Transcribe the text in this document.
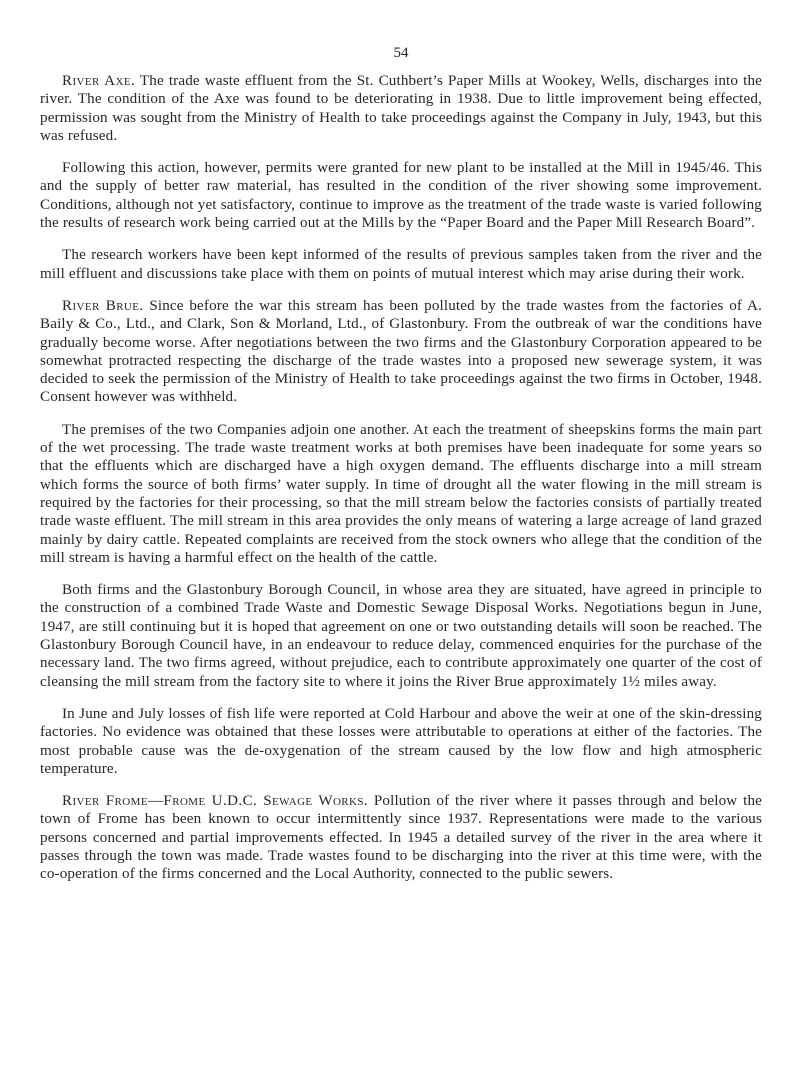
54

River Axe. The trade waste effluent from the St. Cuthbert’s Paper Mills at Wookey, Wells, discharges into the river. The condition of the Axe was found to be deteriorating in 1938. Due to little improvement being effected, permission was sought from the Ministry of Health to take proceedings against the Company in July, 1943, but this was refused.

Following this action, however, permits were granted for new plant to be installed at the Mill in 1945/46. This and the supply of better raw material, has resulted in the condition of the river showing some improvement. Conditions, although not yet satisfactory, continue to improve as the treatment of the trade waste is varied following the results of research work being carried out at the Mills by the “Paper Board and the Paper Mill Research Board”.

The research workers have been kept informed of the results of previous samples taken from the river and the mill effluent and discussions take place with them on points of mutual interest which may arise during their work.

River Brue. Since before the war this stream has been polluted by the trade wastes from the factories of A. Baily & Co., Ltd., and Clark, Son & Morland, Ltd., of Glastonbury. From the outbreak of war the conditions have gradually become worse. After negotiations between the two firms and the Glastonbury Corporation appeared to be somewhat protracted respecting the discharge of the trade wastes into a proposed new sewerage system, it was decided to seek the permission of the Ministry of Health to take proceedings against the two firms in October, 1948. Consent however was withheld.

The premises of the two Companies adjoin one another. At each the treatment of sheepskins forms the main part of the wet processing. The trade waste treatment works at both premises have been inadequate for some years so that the effluents which are discharged have a high oxygen demand. The effluents discharge into a mill stream which forms the source of both firms’ water supply. In time of drought all the water flowing in the mill stream is required by the factories for their processing, so that the mill stream below the factories consists of partially treated trade waste effluent. The mill stream in this area provides the only means of watering a large acreage of land grazed mainly by dairy cattle. Repeated complaints are received from the stock owners who allege that the condition of the mill stream is having a harmful effect on the health of the cattle.

Both firms and the Glastonbury Borough Council, in whose area they are situated, have agreed in principle to the construction of a combined Trade Waste and Domestic Sewage Disposal Works. Negotiations begun in June, 1947, are still continuing but it is hoped that agreement on one or two outstanding details will soon be reached. The Glastonbury Borough Council have, in an endeavour to reduce delay, commenced enquiries for the purchase of the necessary land. The two firms agreed, without prejudice, each to contribute approximately one quarter of the cost of cleansing the mill stream from the factory site to where it joins the River Brue approximately 1½ miles away.

In June and July losses of fish life were reported at Cold Harbour and above the weir at one of the skin-dressing factories. No evidence was obtained that these losses were attributable to operations at either of the factories. The most probable cause was the de-oxygenation of the stream caused by the low flow and high atmospheric temperature.

River Frome—Frome U.D.C. Sewage Works. Pollution of the river where it passes through and below the town of Frome has been known to occur intermittently since 1937. Representations were made to the various persons concerned and partial improvements effected. In 1945 a detailed survey of the river in the area where it passes through the town was made. Trade wastes found to be discharging into the river at this time were, with the co-operation of the firms concerned and the Local Authority, connected to the public sewers.
